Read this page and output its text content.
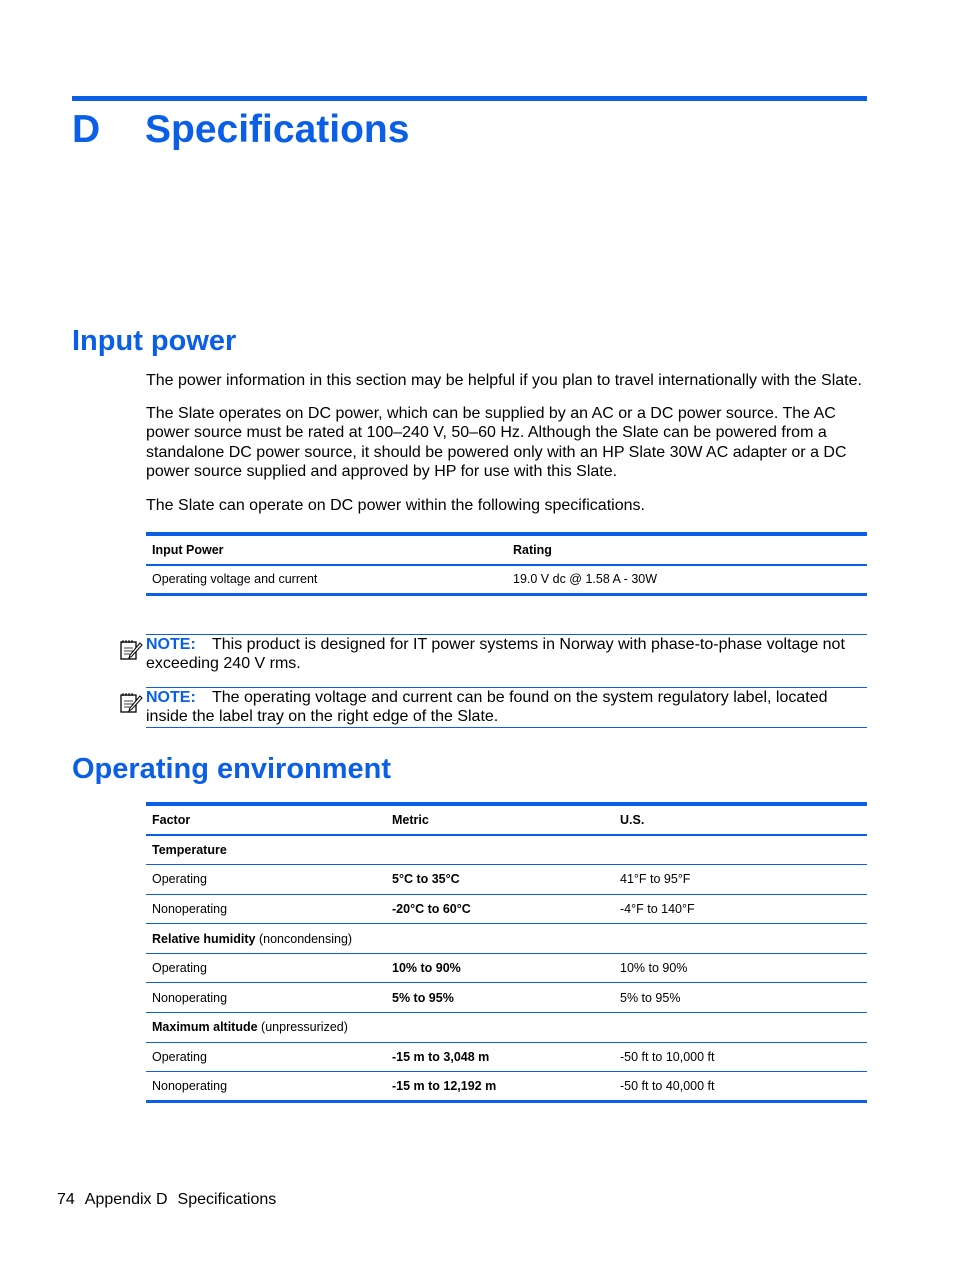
D Specifications
Input power
The power information in this section may be helpful if you plan to travel internationally with the Slate.
The Slate operates on DC power, which can be supplied by an AC or a DC power source. The AC power source must be rated at 100–240 V, 50–60 Hz. Although the Slate can be powered from a standalone DC power source, it should be powered only with an HP Slate 30W AC adapter or a DC power source supplied and approved by HP for use with this Slate.
The Slate can operate on DC power within the following specifications.
Input Power	Rating
Operating voltage and current	19.0 V dc @ 1.58 A - 30W
NOTE: This product is designed for IT power systems in Norway with phase-to-phase voltage not exceeding 240 V rms.
NOTE: The operating voltage and current can be found on the system regulatory label, located inside the label tray on the right edge of the Slate.
Operating environment
Factor	Metric	U.S.
Temperature		
Operating	5°C to 35°C	41°F to 95°F
Nonoperating	-20°C to 60°C	-4°F to 140°F
Relative humidity (noncondensing)		
Operating	10% to 90%	10% to 90%
Nonoperating	5% to 95%	5% to 95%
Maximum altitude (unpressurized)		
Operating	-15 m to 3,048 m	-50 ft to 10,000 ft
Nonoperating	-15 m to 12,192 m	-50 ft to 40,000 ft
74 Appendix D Specifications
